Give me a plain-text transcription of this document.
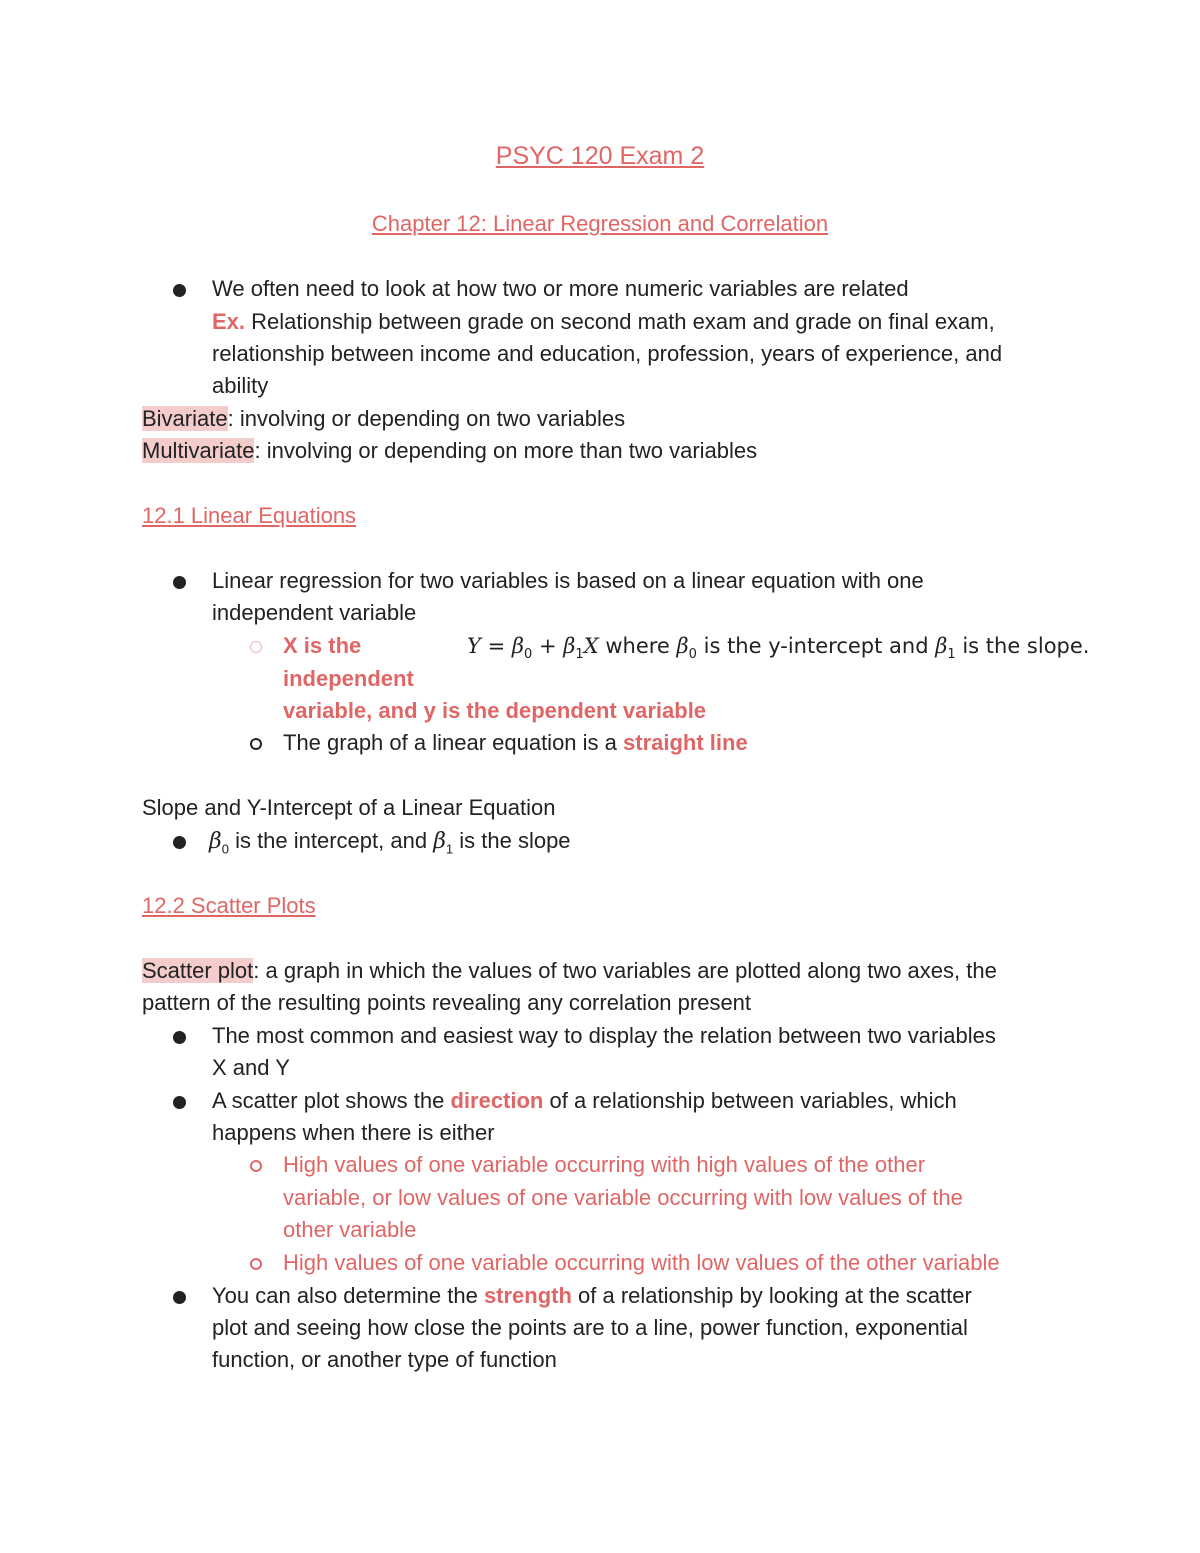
PSYC 120 Exam 2
Chapter 12: Linear Regression and Correlation
We often need to look at how two or more numeric variables are related
Ex. Relationship between grade on second math exam and grade on final exam,
relationship between income and education, profession, years of experience, and
ability
Bivariate: involving or depending on two variables
Multivariate: involving or depending on more than two variables
12.1 Linear Equations
Linear regression for two variables is based on a linear equation with one
independent variable
X is the
independent
variable, and y is the dependent variable
$Y = \beta_0 + \beta_1X$ where $\beta_0$ is the y-intercept and $\beta_1$ is the slope.
The graph of a linear equation is a straight line
Slope and Y-Intercept of a Linear Equation
$\beta_0$ is the intercept, and $\beta_1$ is the slope
12.2 Scatter Plots
Scatter plot: a graph in which the values of two variables are plotted along two axes, the
pattern of the resulting points revealing any correlation present
The most common and easiest way to display the relation between two variables
X and Y
A scatter plot shows the direction of a relationship between variables, which
happens when there is either
High values of one variable occurring with high values of the other
variable, or low values of one variable occurring with low values of the
other variable
High values of one variable occurring with low values of the other variable
You can also determine the strength of a relationship by looking at the scatter
plot and seeing how close the points are to a line, power function, exponential
function, or another type of function
